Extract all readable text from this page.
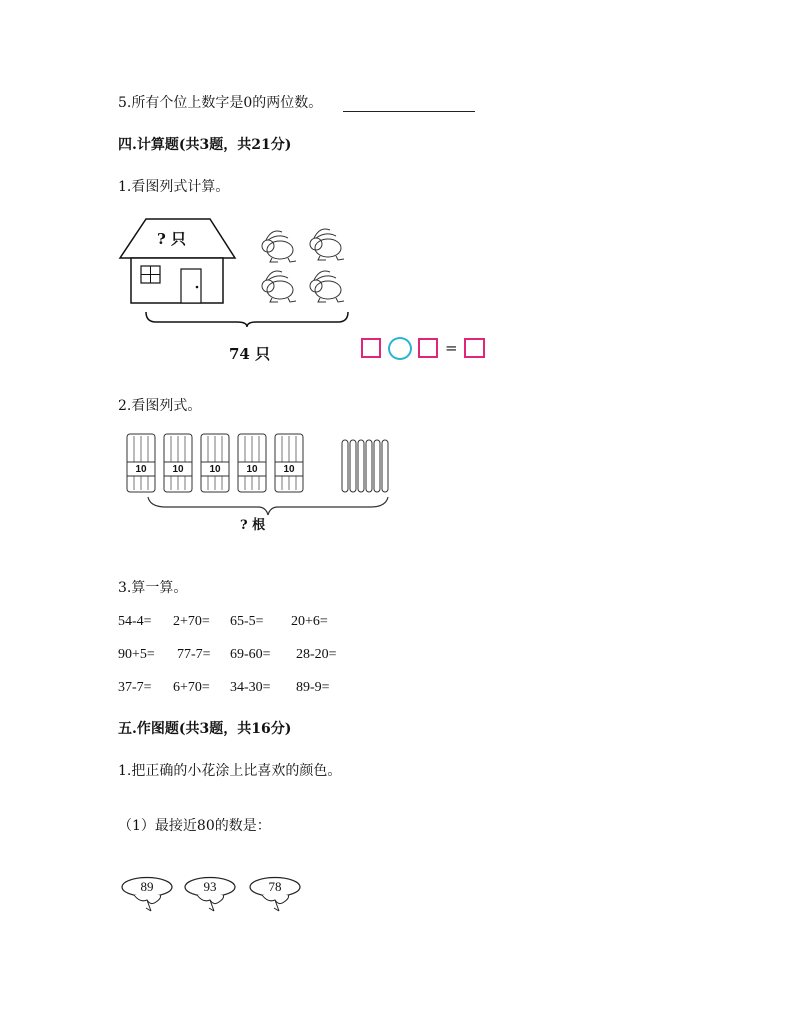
5.所有个位上数字是0的两位数。
四.计算题(共3题，共21分)
1.看图列式计算。
? 只
74 只	=
2.看图列式。
10	10	10	10	10
? 根
3.算一算。
54-4= 2+70= 65-5= 20+6=
90+5= 77-7= 69-60= 28-20=
37-7= 6+70= 34-30= 89-9=
五.作图题(共3题，共16分)
1.把正确的小花涂上比喜欢的颜色。
（1）最接近80的数是：
89	93	78
